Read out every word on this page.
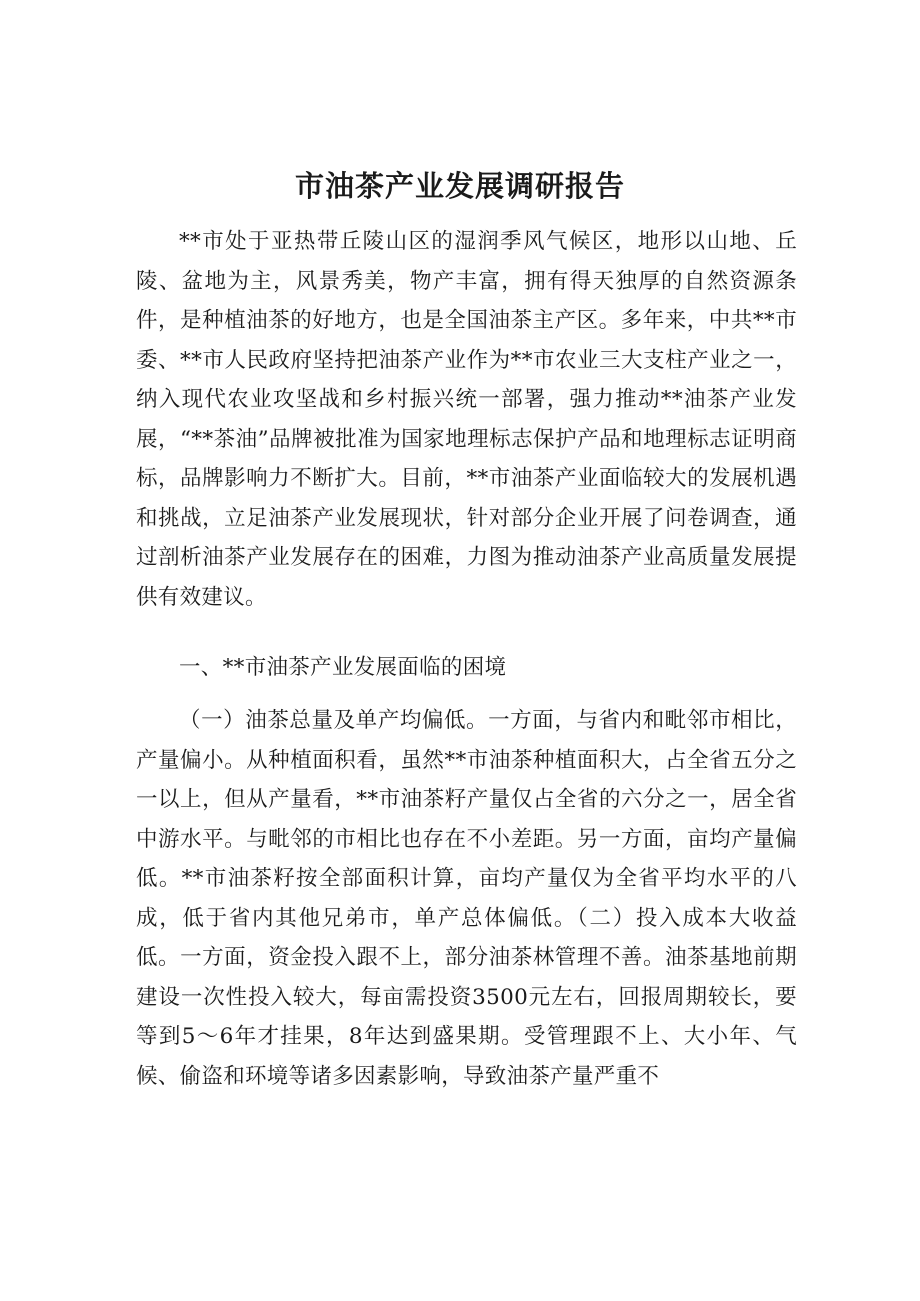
市油茶产业发展调研报告

**市处于亚热带丘陵山区的湿润季风气候区，地形以山地、丘陵、盆地为主，风景秀美，物产丰富，拥有得天独厚的自然资源条件，是种植油茶的好地方，也是全国油茶主产区。多年来，中共**市委、**市人民政府坚持把油茶产业作为**市农业三大支柱产业之一，纳入现代农业攻坚战和乡村振兴统一部署，强力推动**油茶产业发展，“**茶油”品牌被批准为国家地理标志保护产品和地理标志证明商标，品牌影响力不断扩大。目前，**市油茶产业面临较大的发展机遇和挑战，立足油茶产业发展现状，针对部分企业开展了问卷调查，通过剖析油茶产业发展存在的困难，力图为推动油茶产业高质量发展提供有效建议。

一、**市油茶产业发展面临的困境

（一）油茶总量及单产均偏低。一方面，与省内和毗邻市相比，产量偏小。从种植面积看，虽然**市油茶种植面积大，占全省五分之一以上，但从产量看，**市油茶籽产量仅占全省的六分之一，居全省中游水平。与毗邻的市相比也存在不小差距。另一方面，亩均产量偏低。**市油茶籽按全部面积计算，亩均产量仅为全省平均水平的八成，低于省内其他兄弟市，单产总体偏低。（二）投入成本大收益低。一方面，资金投入跟不上，部分油茶林管理不善。油茶基地前期建设一次性投入较大，每亩需投资3500元左右，回报周期较长，要等到5～6年才挂果，8年达到盛果期。受管理跟不上、大小年、气候、偷盗和环境等诸多因素影响，导致油茶产量严重不
